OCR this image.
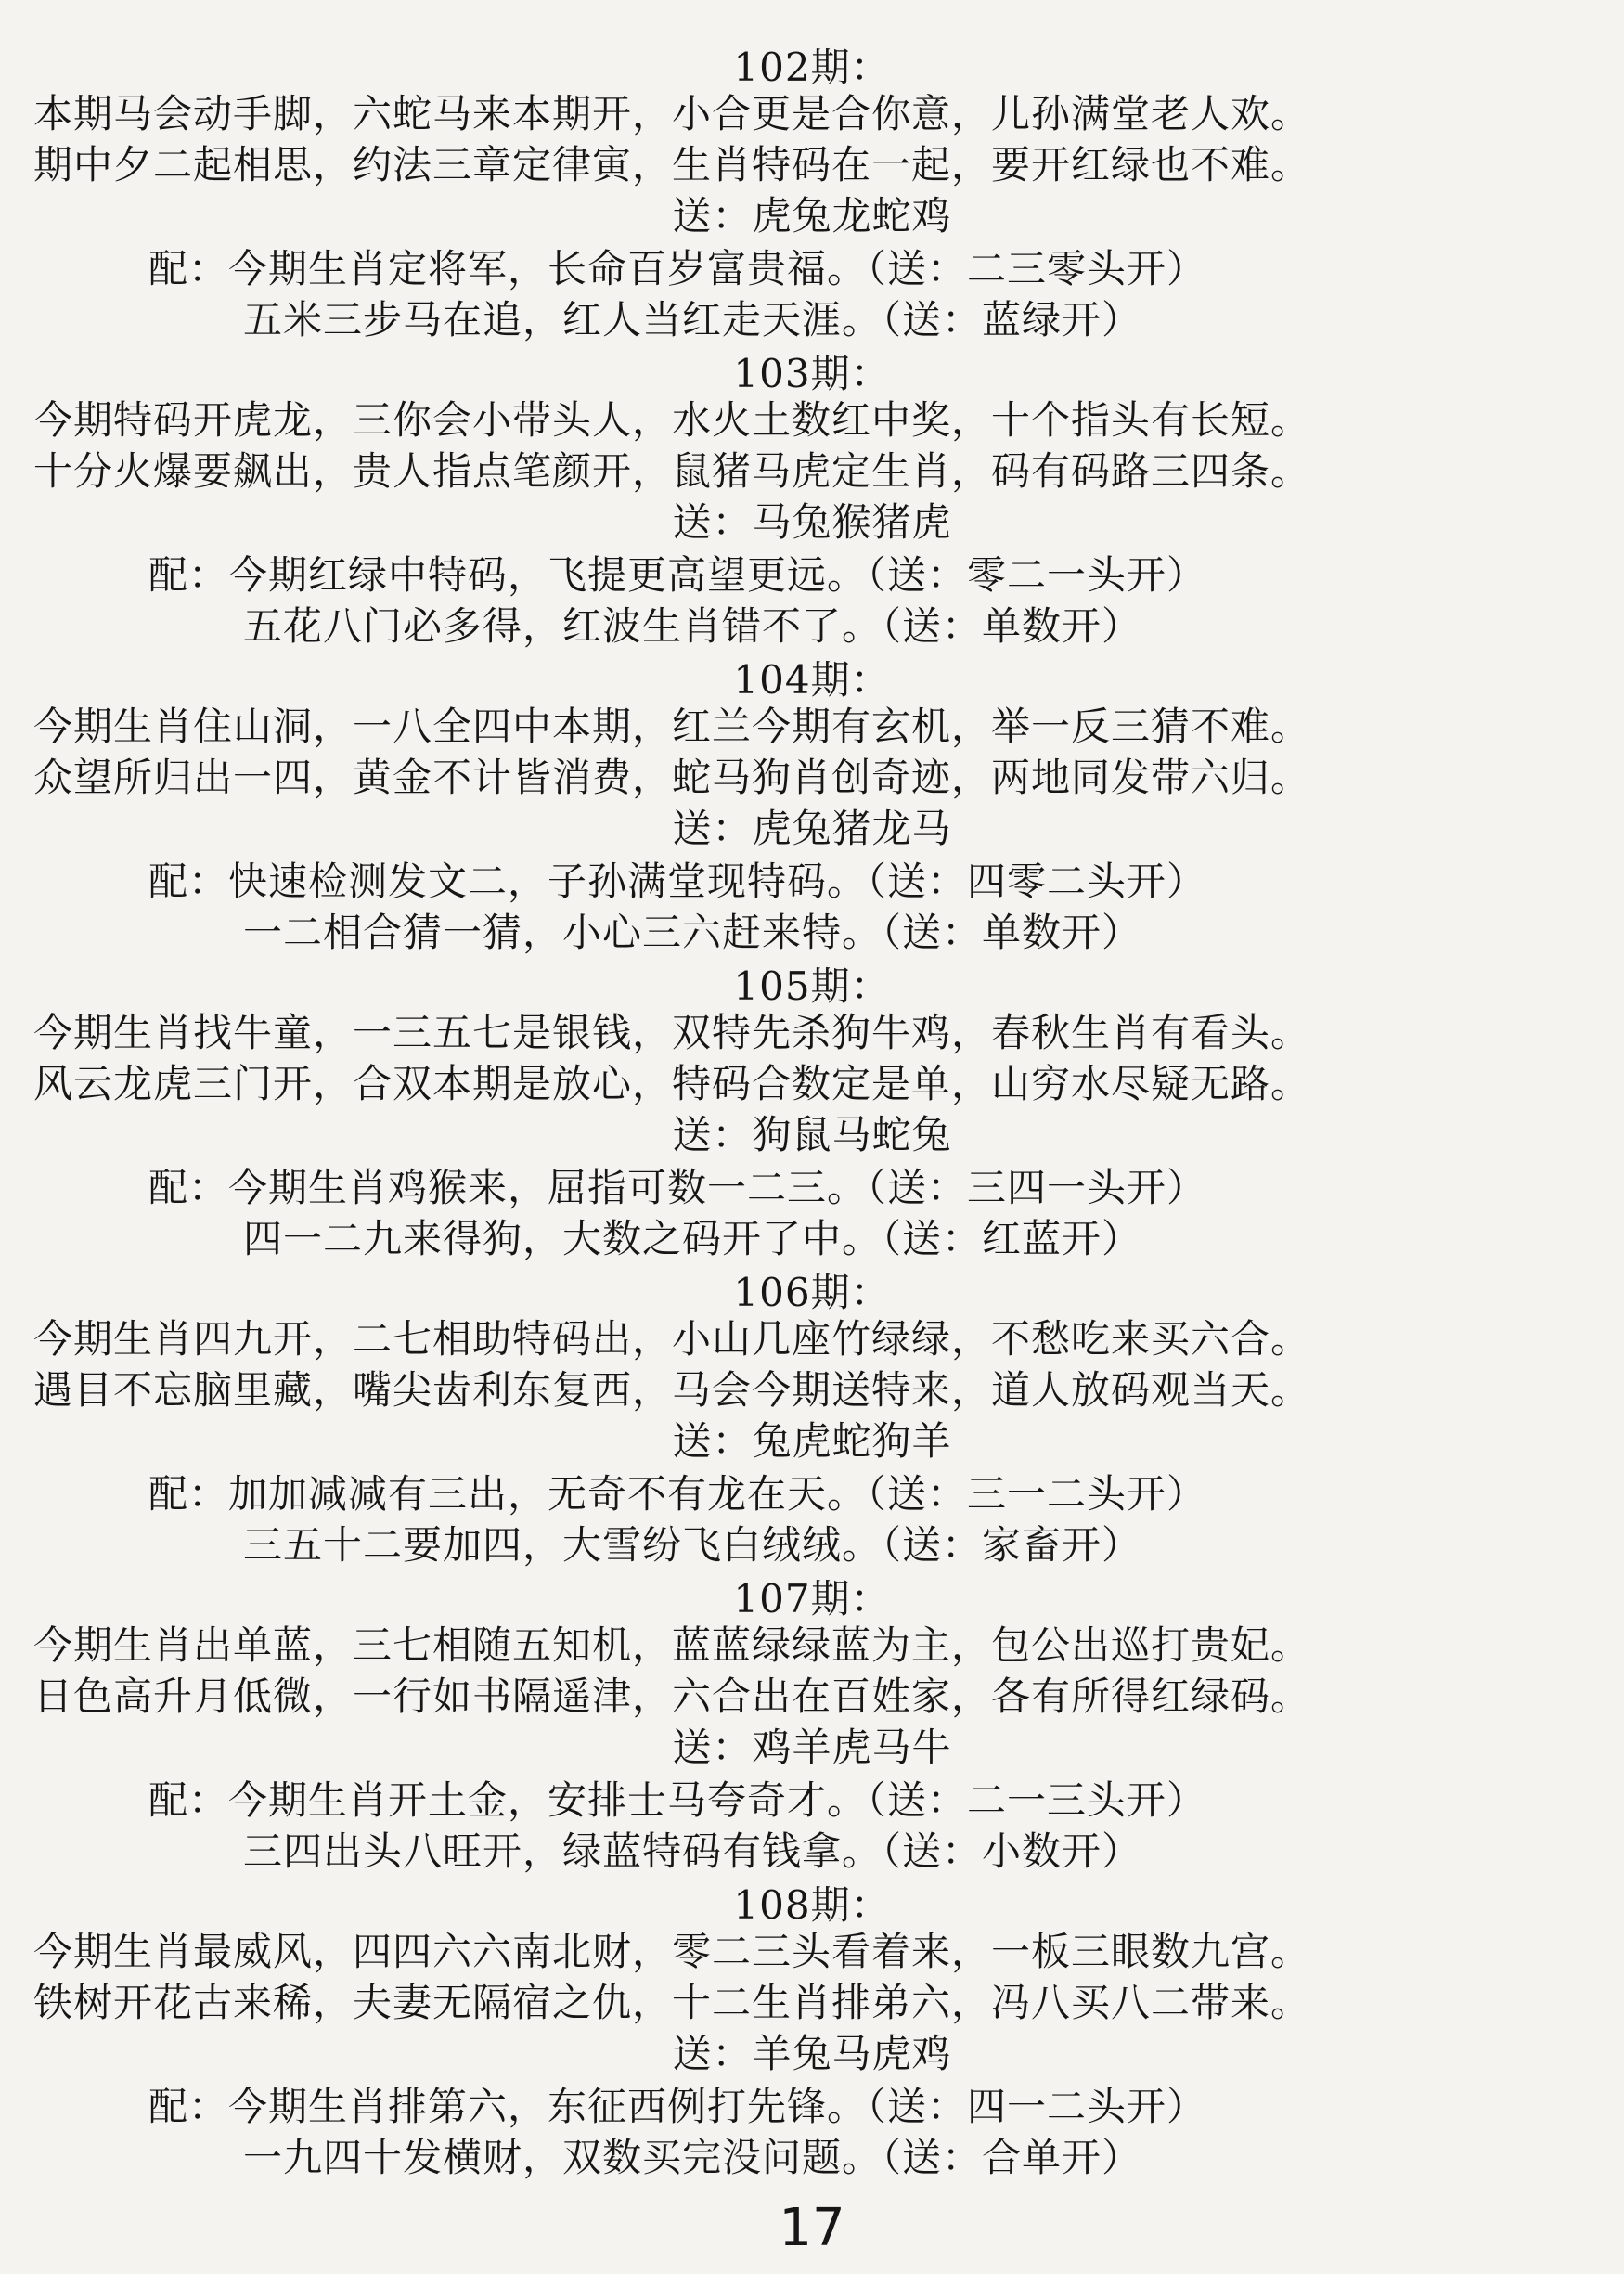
102期：
本期马会动手脚，六蛇马来本期开，小合更是合你意，儿孙满堂老人欢。
期中夕二起相思，约法三章定律寅，生肖特码在一起，要开红绿也不难。
送：虎兔龙蛇鸡
配：今期生肖定将军，长命百岁富贵福。（送：二三零头开）
五米三步马在追，红人当红走天涯。（送：蓝绿开）
103期：
今期特码开虎龙，三你会小带头人，水火土数红中奖，十个指头有长短。
十分火爆要飙出，贵人指点笔颜开，鼠猪马虎定生肖，码有码路三四条。
送：马兔猴猪虎
配：今期红绿中特码，飞提更高望更远。（送：零二一头开）
五花八门必多得，红波生肖错不了。（送：单数开）
104期：
今期生肖住山洞，一八全四中本期，红兰今期有玄机，举一反三猜不难。
众望所归出一四，黄金不计皆消费，蛇马狗肖创奇迹，两地同发带六归。
送：虎兔猪龙马
配：快速检测发文二，子孙满堂现特码。（送：四零二头开）
一二相合猜一猜，小心三六赶来特。（送：单数开）
105期：
今期生肖找牛童，一三五七是银钱，双特先杀狗牛鸡，春秋生肖有看头。
风云龙虎三门开，合双本期是放心，特码合数定是单，山穷水尽疑无路。
送：狗鼠马蛇兔
配：今期生肖鸡猴来，屈指可数一二三。（送：三四一头开）
四一二九来得狗，大数之码开了中。（送：红蓝开）
106期：
今期生肖四九开，二七相助特码出，小山几座竹绿绿，不愁吃来买六合。
遇目不忘脑里藏，嘴尖齿利东复西，马会今期送特来，道人放码观当天。
送：兔虎蛇狗羊
配：加加减减有三出，无奇不有龙在天。（送：三一二头开）
三五十二要加四，大雪纷飞白绒绒。（送：家畜开）
107期：
今期生肖出单蓝，三七相随五知机，蓝蓝绿绿蓝为主，包公出巡打贵妃。
日色高升月低微，一行如书隔遥津，六合出在百姓家，各有所得红绿码。
送：鸡羊虎马牛
配：今期生肖开土金，安排士马夸奇才。（送：二一三头开）
三四出头八旺开，绿蓝特码有钱拿。（送：小数开）
108期：
今期生肖最威风，四四六六南北财，零二三头看着来，一板三眼数九宫。
铁树开花古来稀，夫妻无隔宿之仇，十二生肖排弟六，冯八买八二带来。
送：羊兔马虎鸡
配：今期生肖排第六，东征西例打先锋。（送：四一二头开）
一九四十发横财，双数买完没问题。（送：合单开）
17
